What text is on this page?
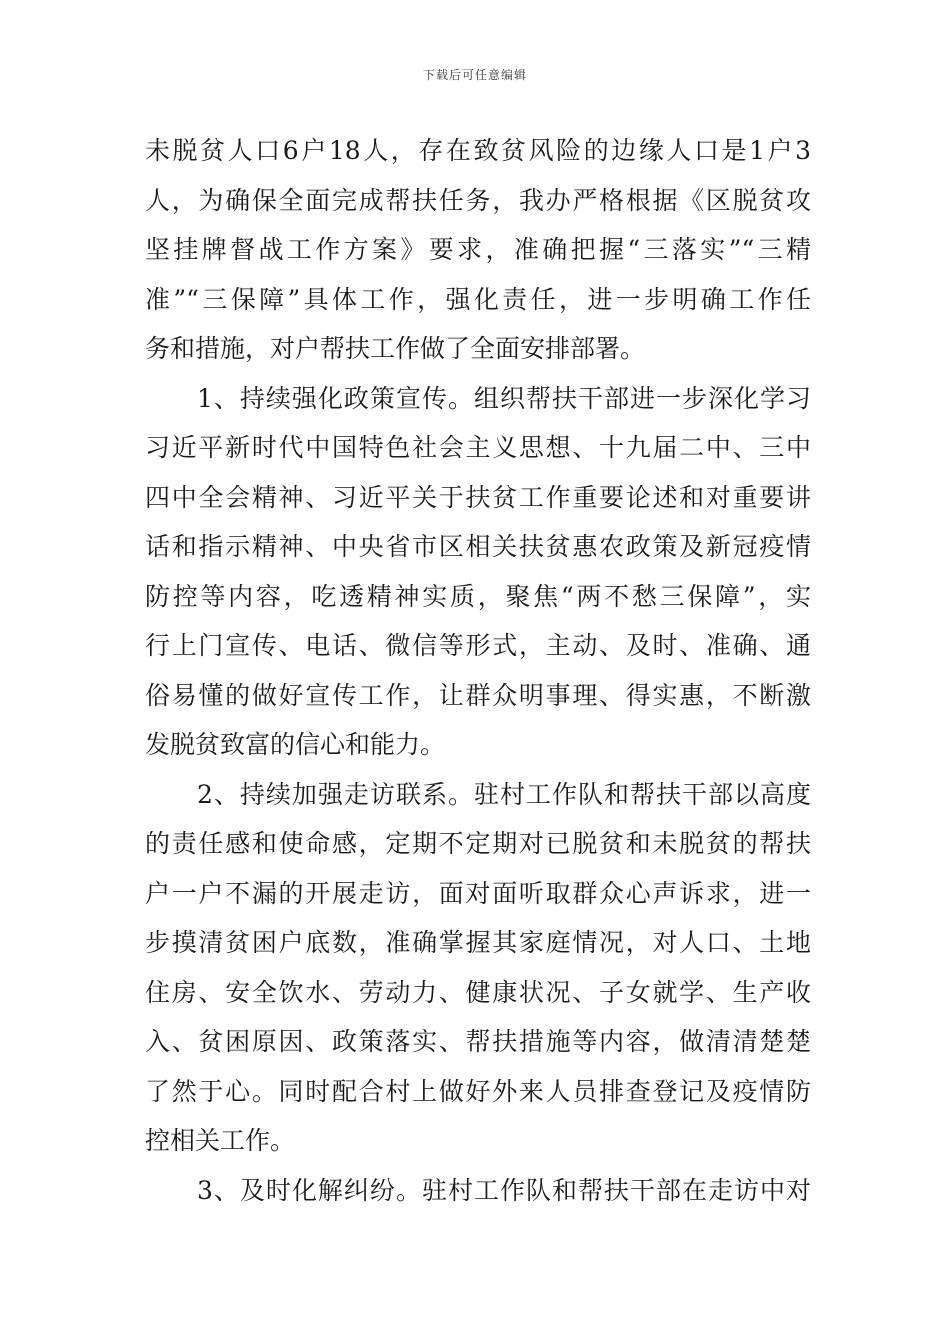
下载后可任意编辑
未脱贫人口6户18人，存在致贫风险的边缘人口是1户3
人，为确保全面完成帮扶任务，我办严格根据《区脱贫攻
坚挂牌督战工作方案》要求，准确把握“三落实”“三精
准”“三保障”具体工作，强化责任，进一步明确工作任
务和措施，对户帮扶工作做了全面安排部署。
　　1、持续强化政策宣传。组织帮扶干部进一步深化学习
习近平新时代中国特色社会主义思想、十九届二中、三中
四中全会精神、习近平关于扶贫工作重要论述和对重要讲
话和指示精神、中央省市区相关扶贫惠农政策及新冠疫情
防控等内容，吃透精神实质，聚焦“两不愁三保障”，实
行上门宣传、电话、微信等形式，主动、及时、准确、通
俗易懂的做好宣传工作，让群众明事理、得实惠，不断激
发脱贫致富的信心和能力。
　　2、持续加强走访联系。驻村工作队和帮扶干部以高度
的责任感和使命感，定期不定期对已脱贫和未脱贫的帮扶
户一户不漏的开展走访，面对面听取群众心声诉求，进一
步摸清贫困户底数，准确掌握其家庭情况，对人口、土地
住房、安全饮水、劳动力、健康状况、子女就学、生产收
入、贫困原因、政策落实、帮扶措施等内容，做清清楚楚
了然于心。同时配合村上做好外来人员排查登记及疫情防
控相关工作。
　　3、及时化解纠纷。驻村工作队和帮扶干部在走访中对
